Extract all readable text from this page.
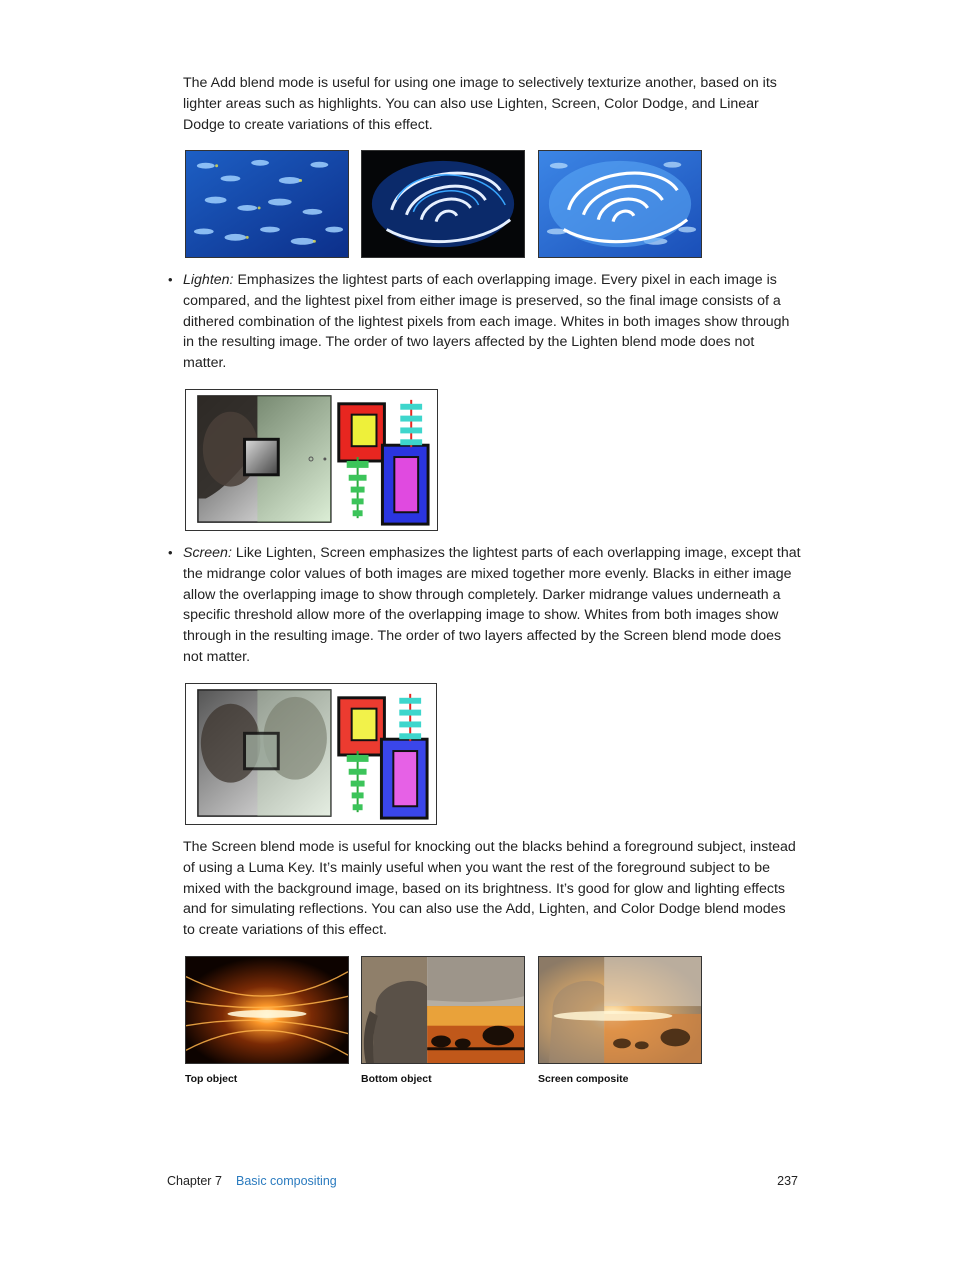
The Add blend mode is useful for using one image to selectively texturize another, based on its lighter areas such as highlights. You can also use Lighten, Screen, Color Dodge, and Linear Dodge to create variations of this effect.

• Lighten: Emphasizes the lightest parts of each overlapping image. Every pixel in each image is compared, and the lightest pixel from either image is preserved, so the final image consists of a dithered combination of the lightest pixels from each image. Whites in both images show through in the resulting image. The order of two layers affected by the Lighten blend mode does not matter.

• Screen: Like Lighten, Screen emphasizes the lightest parts of each overlapping image, except that the midrange color values of both images are mixed together more evenly. Blacks in either image allow the overlapping image to show through completely. Darker midrange values underneath a specific threshold allow more of the overlapping image to show. Whites from both images show through in the resulting image. The order of two layers affected by the Screen blend mode does not matter.

The Screen blend mode is useful for knocking out the blacks behind a foreground subject, instead of using a Luma Key. It’s mainly useful when you want the rest of the foreground subject to be mixed with the background image, based on its brightness. It’s good for glow and lighting effects and for simulating reflections. You can also use the Add, Lighten, and Color Dodge blend modes to create variations of this effect.

Top object	Bottom object	Screen composite
Chapter 7 Basic compositing	237
